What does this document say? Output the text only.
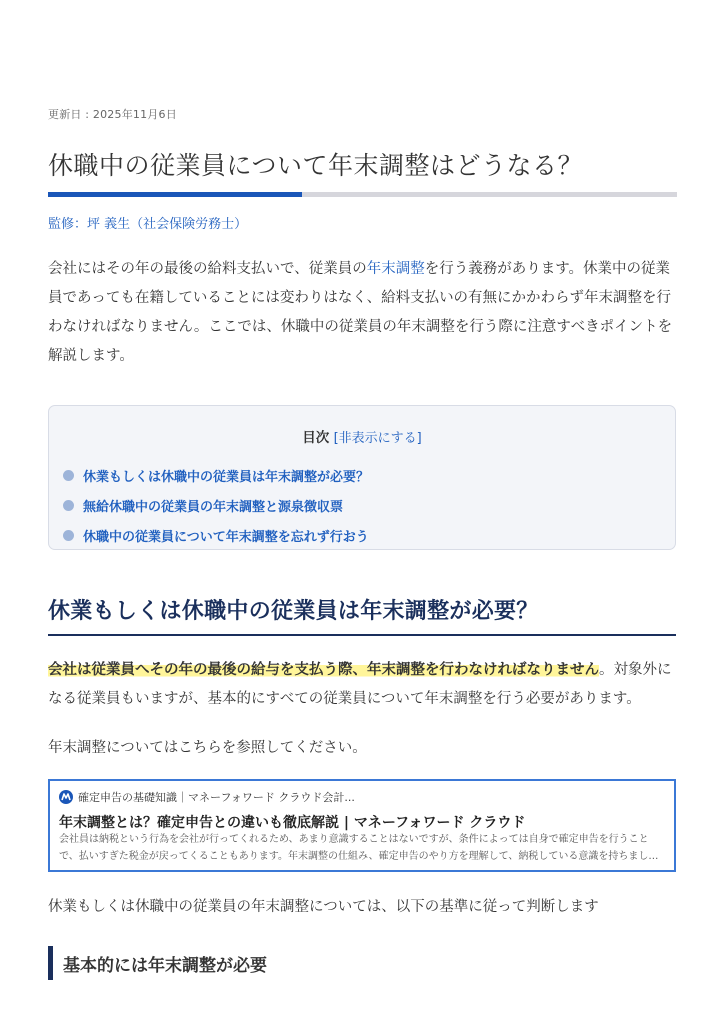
更新日 : 2025年11月6日
休職中の従業員について年末調整はどうなる？
監修：坪 義生（社会保険労務士）

会社にはその年の最後の給料支払いで、従業員の年末調整を行う義務があります。休業中の従業員であっても在籍していることには変わりはなく、給料支払いの有無にかかわらず年末調整を行わなければなりません。ここでは、休職中の従業員の年末調整を行う際に注意すべきポイントを解説します。

目次 [非表示にする]
休業もしくは休職中の従業員は年末調整が必要？
無給休職中の従業員の年末調整と源泉徴収票
休職中の従業員について年末調整を忘れず行おう
休業もしくは休職中の従業員は年末調整が必要？

会社は従業員へその年の最後の給与を支払う際、年末調整を行わなければなりません。対象外になる従業員もいますが、基本的にすべての従業員について年末調整を行う必要があります。

年末調整についてはこちらを参照してください。
確定申告の基礎知識｜マネーフォワード クラウド会計...
年末調整とは？確定申告との違いも徹底解説 | マネーフォワード クラウド

会社員は納税という行為を会社が行ってくれるため、あまり意識することはないですが、条件によっては自身で確定申告を行うことで、払いすぎた税金が戻ってくることもあります。年末調整の仕組み、確定申告のやり方を理解して、納税している意識を持ちまし…

休業もしくは休職中の従業員の年末調整については、以下の基準に従って判断します
基本的には年末調整が必要
